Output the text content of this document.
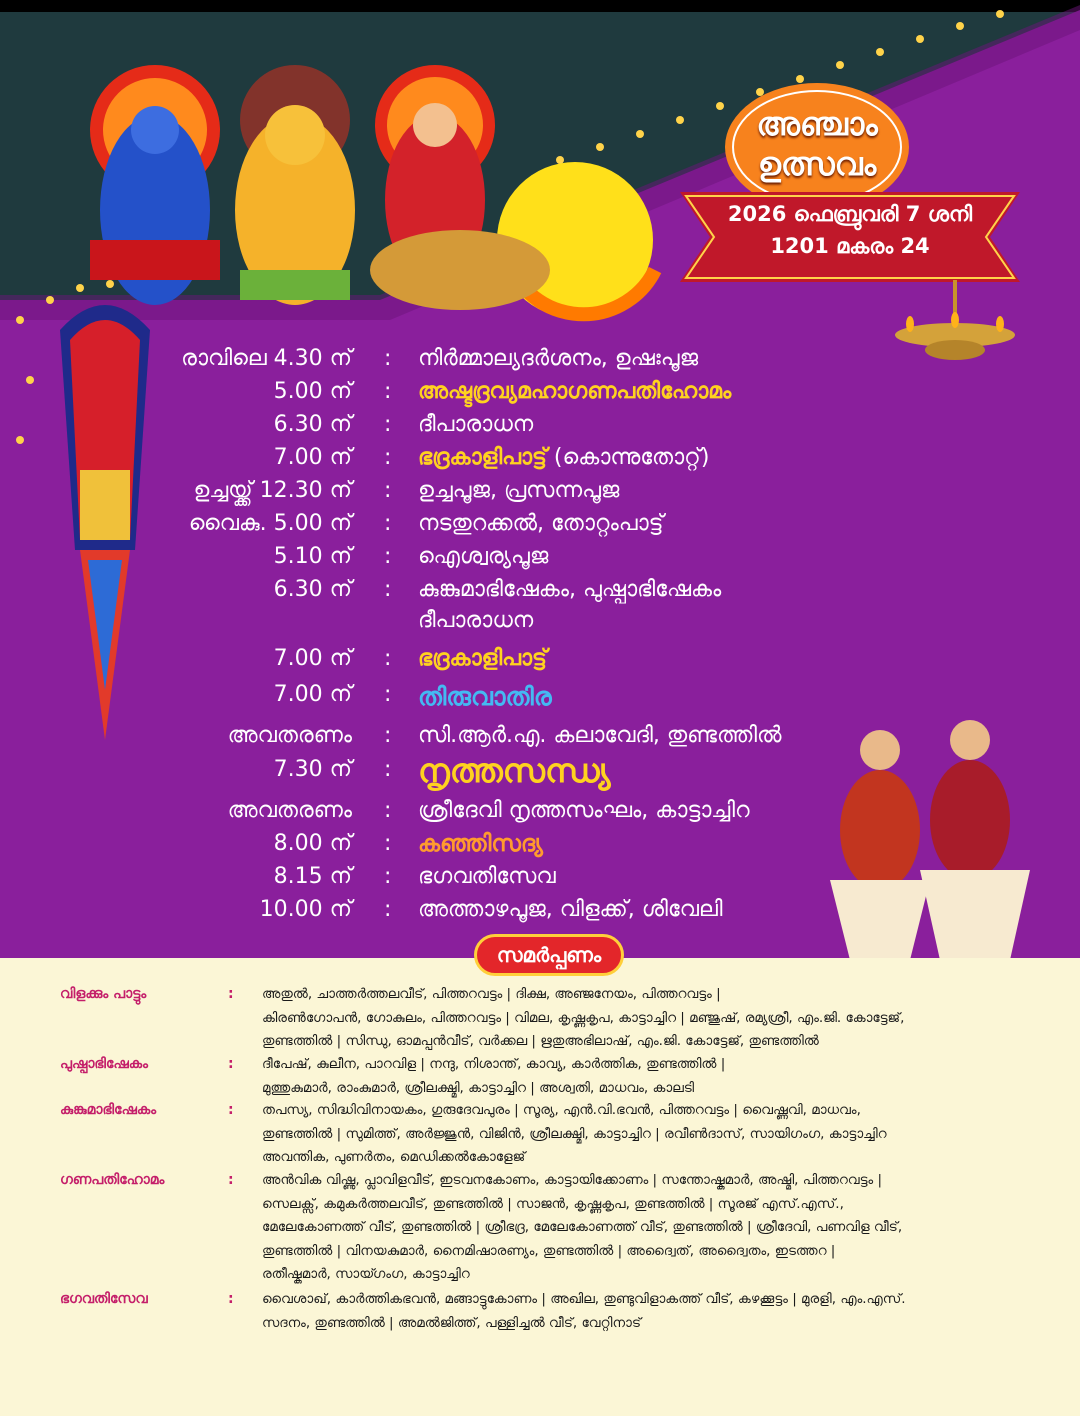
അഞ്ചാം
ഉത്സവം
2026 ഫെബ്രുവരി 7 ശനി
1201 മകരം 24
രാവിലെ 4.30 ന് : നിർമ്മാല്യദർശനം, ഉഷഃപൂജ
5.00 ന് : അഷ്ടദ്രവ്യമഹാഗണപതിഹോമം
6.30 ന് : ദീപാരാധന
7.00 ന് : ഭദ്രകാളിപാട്ട് (കൊന്നുതോറ്റ്)
ഉച്ചയ്ക്ക് 12.30 ന് : ഉച്ചപൂജ, പ്രസന്നപൂജ
വൈകു. 5.00 ന് : നടതുറക്കൽ, തോറ്റംപാട്ട്
5.10 ന് : ഐശ്വര്യപൂജ
6.30 ന് : കുങ്കുമാഭിഷേകം, പുഷ്പാഭിഷേകം
ദീപാരാധന
7.00 ന് : ഭദ്രകാളിപാട്ട്
7.00 ന് : തിരുവാതിര
അവതരണം : സി.ആർ.എ. കലാവേദി, തുണ്ടത്തിൽ
7.30 ന് : നൃത്തസന്ധ്യ
അവതരണം : ശ്രീദേവി നൃത്തസംഘം, കാട്ടാച്ചിറ
8.00 ന് : കഞ്ഞിസദ്യ
8.15 ന് : ഭഗവതിസേവ
10.00 ന് : അത്താഴപൂജ, വിളക്ക്, ശിവേലി
സമർപ്പണം
വിളക്കും പാട്ടും	: അതുൽ, ചാത്തർത്തലവീട്, പിത്തറവട്ടം | ദിക്ഷ, അഞ്ജനേയം, പിത്തറവട്ടം |
കിരൺഗോപൻ, ഗോകുലം, പിത്തറവട്ടം | വിമല, കൃഷ്ണകൃപ, കാട്ടാച്ചിറ | മഞ്ജുഷ്, രമ്യശ്രീ, എം.ജി. കോട്ടേജ്,
തുണ്ടത്തിൽ | സിന്ധു, ഓമപ്പൻവീട്, വർക്കല | ഋതുഅഭിലാഷ്, എം.ജി. കോട്ടേജ്, തുണ്ടത്തിൽ
പുഷ്പാഭിഷേകം	: ദീപേഷ്, കുലീന, പാറവിള | നന്ദു, നിശാന്ത്, കാവ്യ, കാർത്തിക, തുണ്ടത്തിൽ |
മുത്തുകുമാർ, രാംകുമാർ, ശ്രീലക്ഷ്മി, കാട്ടാച്ചിറ | അശ്വതി, മാധവം, കാലടി
കുങ്കുമാഭിഷേകം	: തപസ്യ, സിദ്ധിവിനായകം, ഗുരുദേവപുരം | സൂര്യ, എൻ.വി.ഭവൻ, പിത്തറവട്ടം | വൈഷ്ണവി, മാധവം,
തുണ്ടത്തിൽ | സുമിത്ത്, അർജ്ജുൻ, വിജിൻ, ശ്രീലക്ഷ്മി, കാട്ടാച്ചിറ | രവീൺദാസ്, സായിഗംഗ, കാട്ടാച്ചിറ
അവന്തിക, പുണർതം, മെഡിക്കൽകോളേജ്
ഗണപതിഹോമം	: അൻവിക വിഷ്ണു, പ്ലാവിളവീട്, ഇടവനകോണം, കാട്ടായിക്കോണം | സന്തോഷ്കുമാർ, അഷ്മി, പിത്തറവട്ടം |
സെലക്സ്, കമുകർത്തലവീട്, തുണ്ടത്തിൽ | സാജൻ, കൃഷ്ണകൃപ, തുണ്ടത്തിൽ | സൂരജ് എസ്.എസ്.,
മേലേകോണത്ത് വീട്, തുണ്ടത്തിൽ | ശ്രീഭദ്ര, മേലേകോണത്ത് വീട്, തുണ്ടത്തിൽ | ശ്രീദേവി, പണവിള വീട്,
തുണ്ടത്തിൽ | വിനയകുമാർ, നൈമിഷാരണ്യം, തുണ്ടത്തിൽ | അദ്വൈത്, അദ്വൈതം, ഇടത്തറ |
രതീഷ്കുമാർ, സായ്ഗംഗ, കാട്ടാച്ചിറ
ഭഗവതിസേവ	: വൈശാഖ്, കാർത്തികഭവൻ, മങ്ങാട്ടുകോണം | അഖില, തുണ്ടുവിളാകത്ത് വീട്, കഴക്കൂട്ടം | മുരളി, എം.എസ്.
സദനം, തുണ്ടത്തിൽ | അമൽജിത്ത്, പള്ളിച്ചൽ വീട്, വേറ്റിനാട്
